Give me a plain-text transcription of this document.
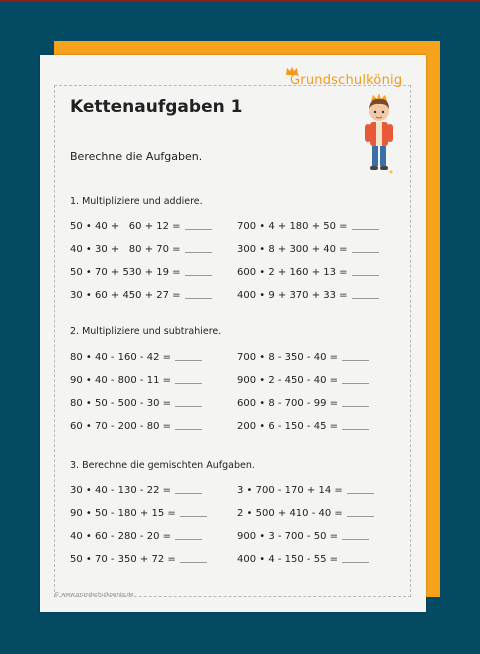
Grundschulkönig
Kettenaufgaben 1
Berechne die Aufgaben.
1. Multipliziere und addiere.
50 • 40 +   60 + 12 =
40 • 30 +   80 + 70 =
50 • 70 + 530 + 19 =
30 • 60 + 450 + 27 =
700 • 4 + 180 + 50 =
300 • 8 + 300 + 40 =
600 • 2 + 160 + 13 =
400 • 9 + 370 + 33 =
2. Multipliziere und subtrahiere.
80 • 40 - 160 - 42 =
90 • 40 - 800 - 11 =
80 • 50 - 500 - 30 =
60 • 70 - 200 - 80 =
700 • 8 - 350 - 40 =
900 • 2 - 450 - 40 =
600 • 8 - 700 - 99 =
200 • 6 - 150 - 45 =
3. Berechne die gemischten Aufgaben.
30 • 40 - 130 - 22 =
90 • 50 - 180 + 15 =
40 • 60 - 280 - 20 =
50 • 70 - 350 + 72 =
3 • 700 - 170 + 14 =
2 • 500 + 410 - 40 =
900 • 3 - 700 - 50 =
400 • 4 - 150 - 55 =
© www.grundschulkoenig.de
